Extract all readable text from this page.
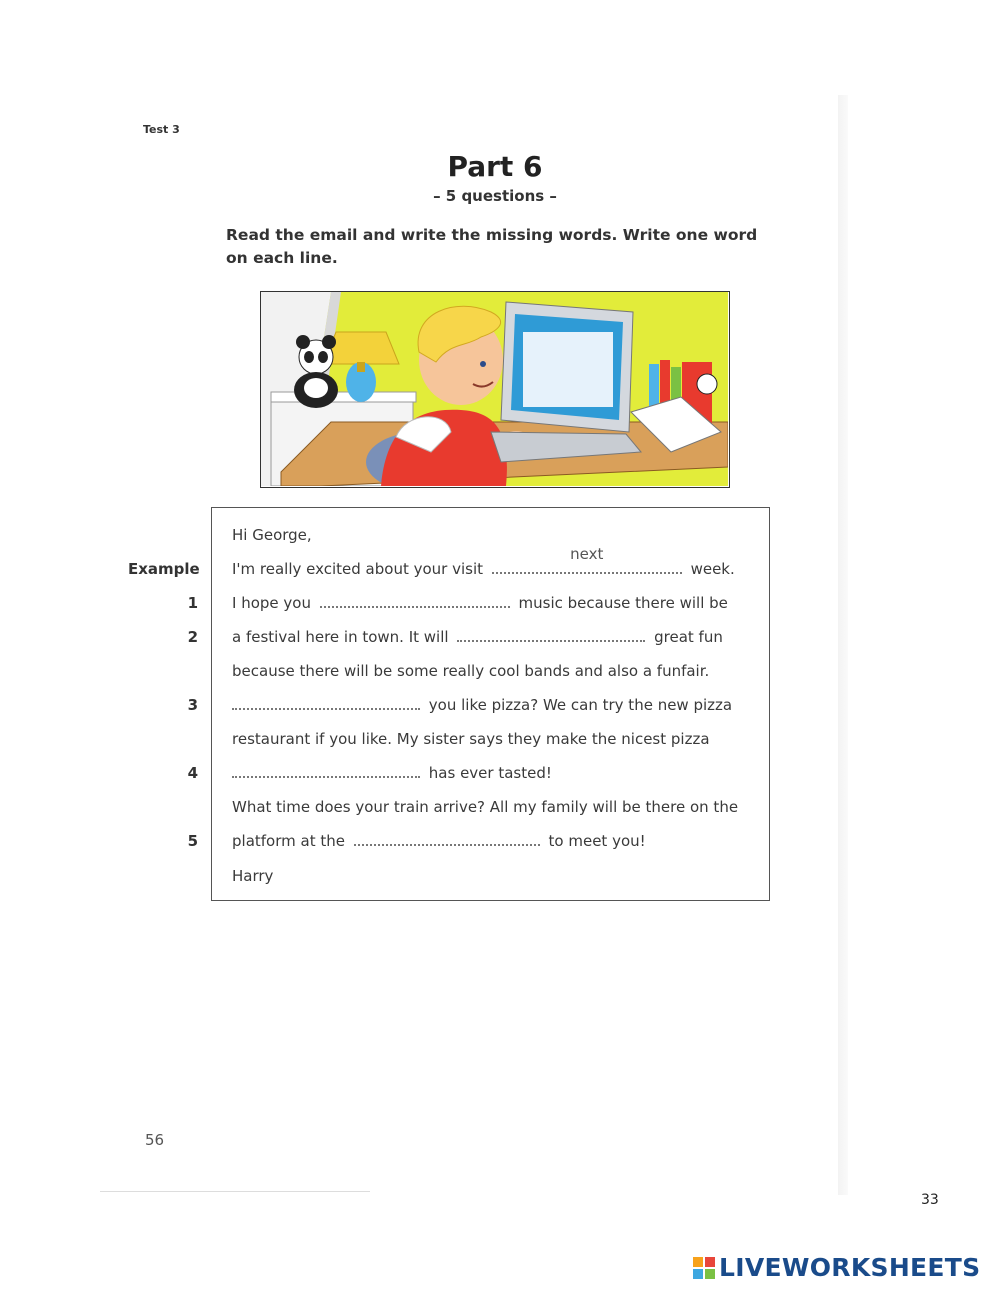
Test 3
Part 6
– 5 questions –
Read the email and write the missing words. Write one word on each line.
Hi George,
Example I'm really excited about your visit
next
week.
1 I hope you	music because there will be
2 a festival here in town. It will	great fun
because there will be some really cool bands and also a funfair.
3	you like pizza? We can try the new pizza
restaurant if you like. My sister says they make the nicest pizza
4	has ever tasted!
What time does your train arrive? All my family will be there on the
5 platform at the	to meet you!
Harry
56
33
LIVEWORKSHEETS
